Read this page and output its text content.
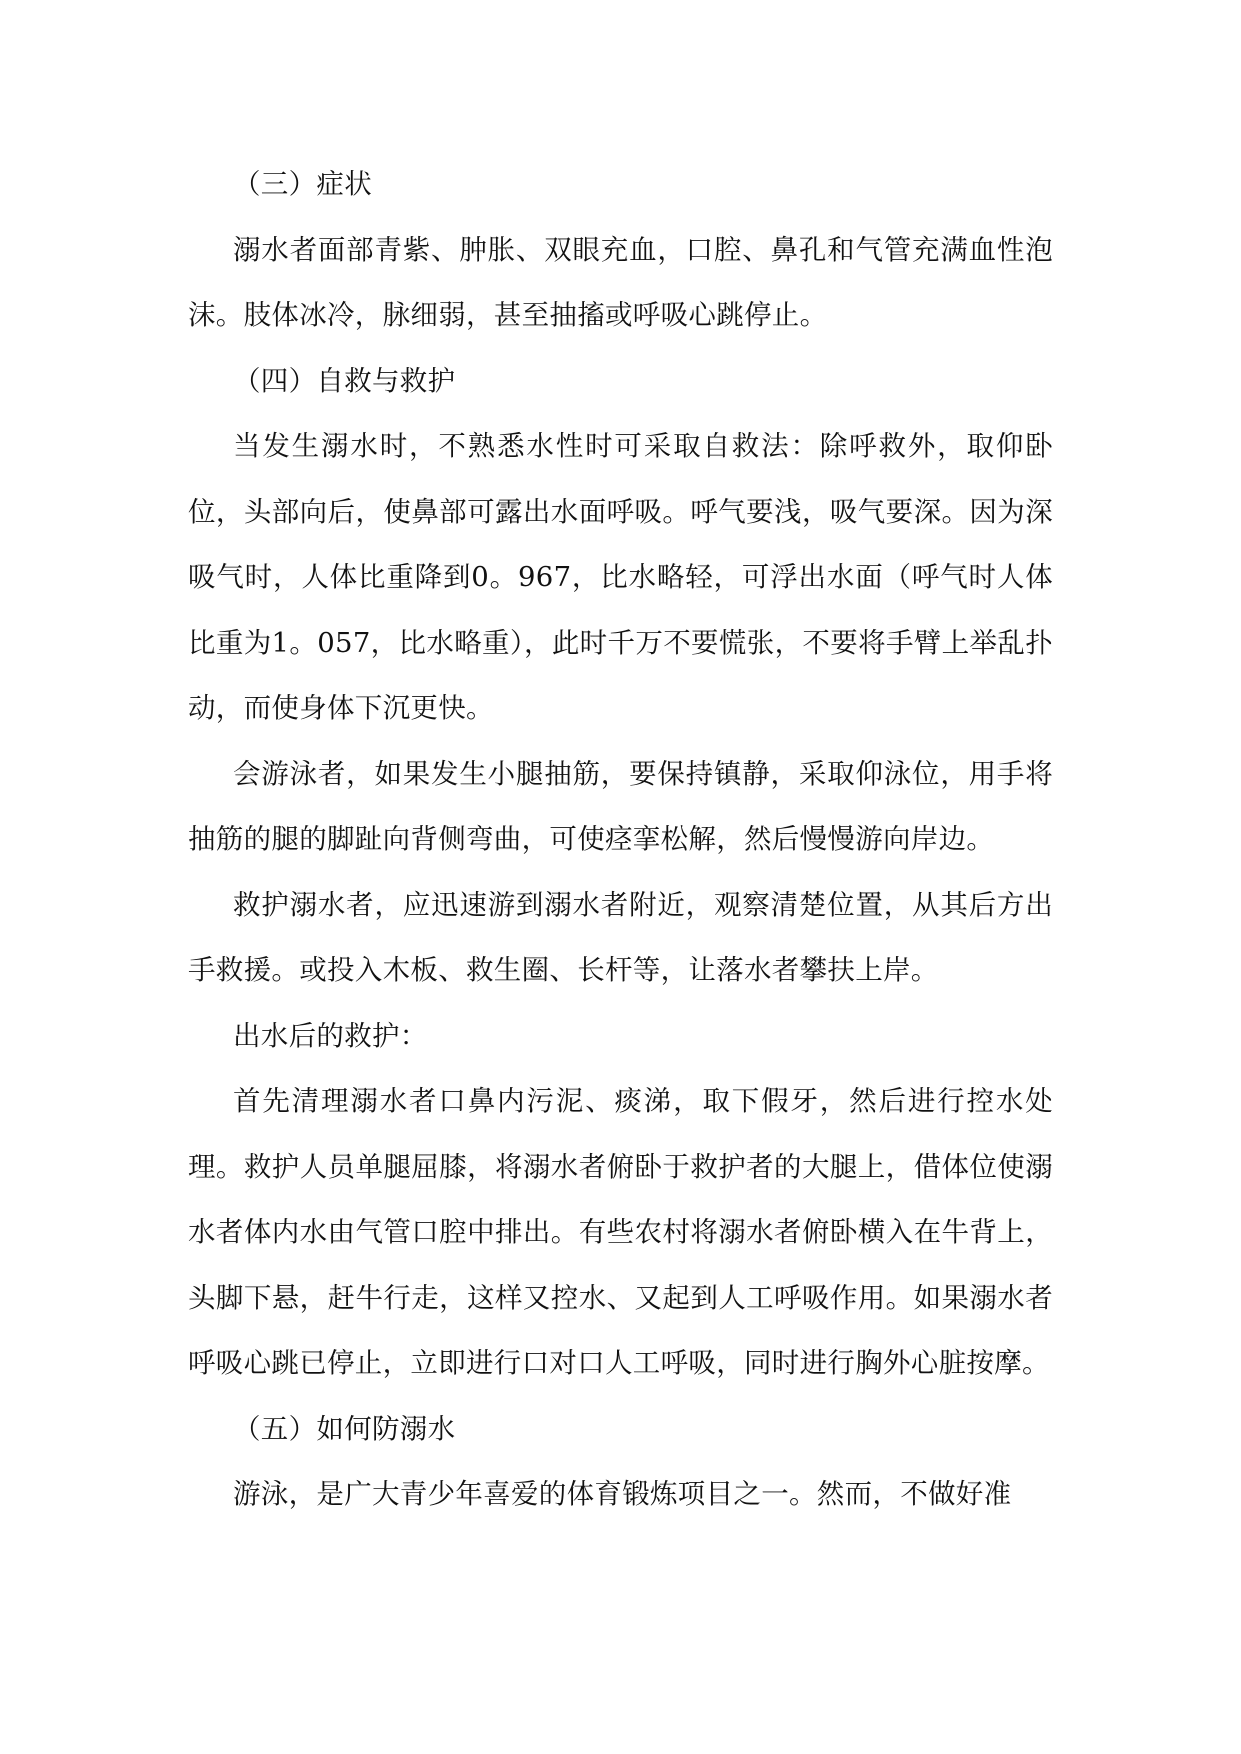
（三）症状

溺水者面部青紫、肿胀、双眼充血，口腔、鼻孔和气管充满血性泡沫。肢体冰冷，脉细弱，甚至抽搐或呼吸心跳停止。

（四）自救与救护

当发生溺水时，不熟悉水性时可采取自救法：除呼救外，取仰卧位，头部向后，使鼻部可露出水面呼吸。呼气要浅，吸气要深。因为深吸气时，人体比重降到0。967，比水略轻，可浮出水面（呼气时人体比重为1。057，比水略重），此时千万不要慌张，不要将手臂上举乱扑动，而使身体下沉更快。

会游泳者，如果发生小腿抽筋，要保持镇静，采取仰泳位，用手将抽筋的腿的脚趾向背侧弯曲，可使痉挛松解，然后慢慢游向岸边。

救护溺水者，应迅速游到溺水者附近，观察清楚位置，从其后方出手救援。或投入木板、救生圈、长杆等，让落水者攀扶上岸。

出水后的救护：

首先清理溺水者口鼻内污泥、痰涕，取下假牙，然后进行控水处理。救护人员单腿屈膝，将溺水者俯卧于救护者的大腿上，借体位使溺水者体内水由气管口腔中排出。有些农村将溺水者俯卧横入在牛背上，头脚下悬，赶牛行走，这样又控水、又起到人工呼吸作用。如果溺水者呼吸心跳已停止，立即进行口对口人工呼吸，同时进行胸外心脏按摩。

（五）如何防溺水

游泳，是广大青少年喜爱的体育锻炼项目之一。然而，不做好准
